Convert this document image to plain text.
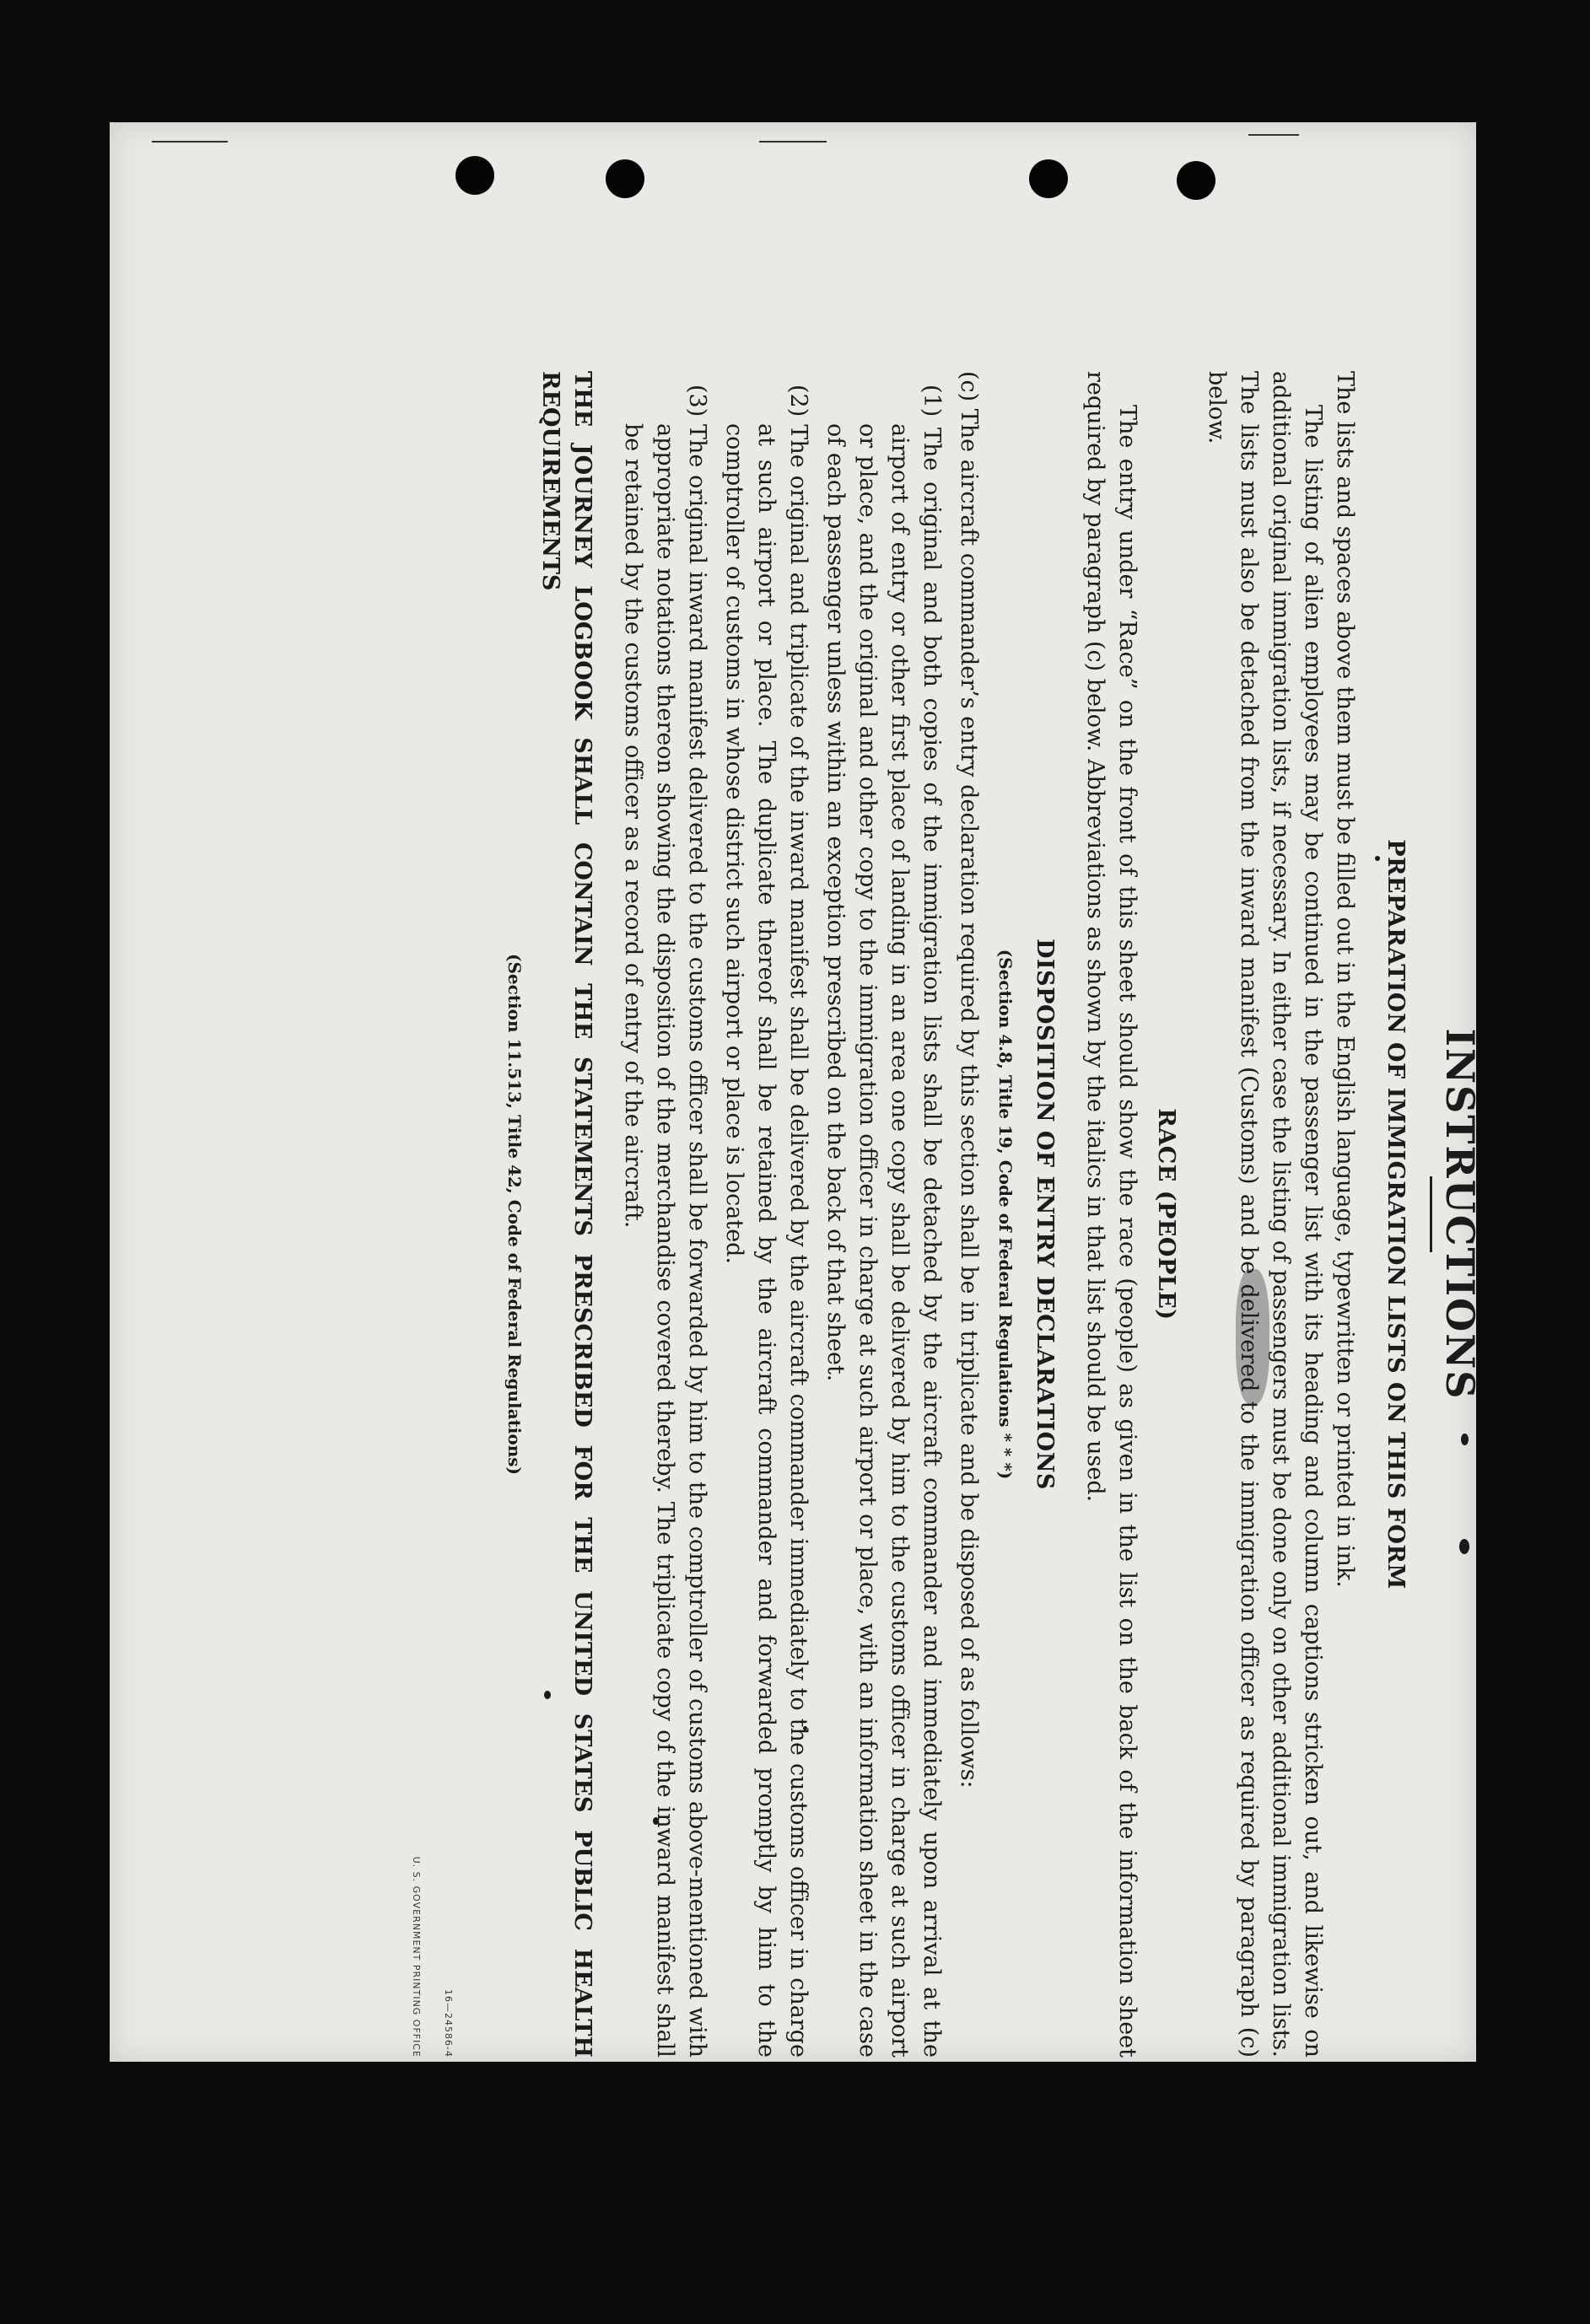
INSTRUCTIONS
PREPARATION OF IMMIGRATION LISTS ON THIS FORM

The lists and spaces above them must be filled out in the English language, typewritten or printed in ink.

The listing of alien employees may be continued in the passenger list with its heading and column captions stricken out, and likewise on additional original immigration lists, if necessary. In either case the listing of passengers must be done only on other additional immigration lists. The lists must also be detached from the inward manifest (Customs) and be delivered to the immigration officer as required by paragraph (c) below.

RACE (PEOPLE)

The entry under “Race” on the front of this sheet should show the race (people) as given in the list on the back of the information sheet required by paragraph (c) below. Abbreviations as shown by the italics in that list should be used.

DISPOSITION OF ENTRY DECLARATIONS
(Section 4.8, Title 19, Code of Federal Regulations * * *)

(c) The aircraft commander’s entry declaration required by this section shall be in triplicate and be disposed of as follows:

(1) The original and both copies of the immigration lists shall be detached by the aircraft commander and immediately upon arrival at the airport of entry or other first place of landing in an area one copy shall be delivered by him to the customs officer in charge at such airport or place, and the original and other copy to the immigration officer in charge at such airport or place, with an information sheet in the case of each passenger unless within an exception prescribed on the back of that sheet.

(2) The original and triplicate of the inward manifest shall be delivered by the aircraft commander immediately to the customs officer in charge at such airport or place. The duplicate thereof shall be retained by the aircraft commander and forwarded promptly by him to the comptroller of customs in whose district such airport or place is located.

(3) The original inward manifest delivered to the customs officer shall be forwarded by him to the comptroller of customs above-mentioned with appropriate notations thereon showing the disposition of the merchandise covered thereby. The triplicate copy of the inward manifest shall be retained by the customs officer as a record of entry of the aircraft.

THE JOURNEY LOGBOOK SHALL CONTAIN THE STATEMENTS PRESCRIBED FOR THE UNITED STATES PUBLIC HEALTH REQUIREMENTS

(Section 11.513, Title 42, Code of Federal Regulations)
16—24586-4
U. S. GOVERNMENT PRINTING OFFICE
